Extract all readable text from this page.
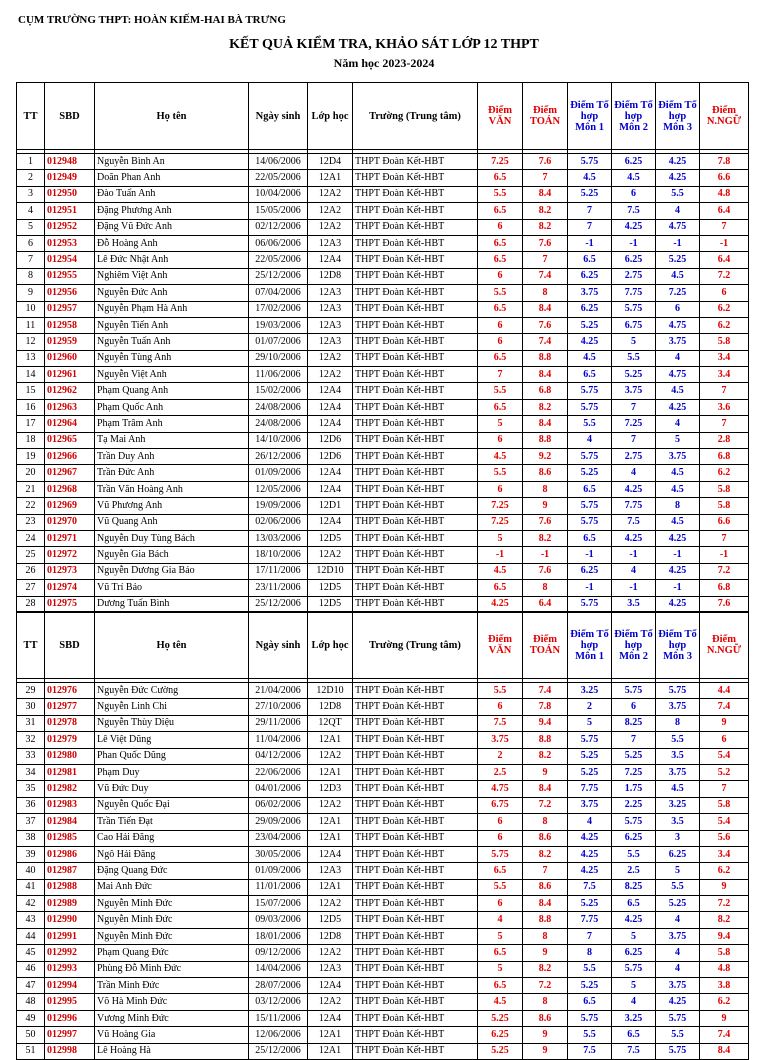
CỤM TRƯỜNG THPT: HOÀN KIẾM-HAI BÀ TRƯNG
KẾT QUẢ KIỂM TRA, KHẢO SÁT LỚP 12 THPT
Năm học 2023-2024
TT	SBD	Họ tên	Ngày sinh	Lớp học	Trường (Trung tâm)	Điểm VĂN	Điểm TOÁN	Điểm Tổ hợp Môn 1	Điểm Tổ hợp Môn 2	Điểm Tổ hợp Môn 3	Điểm N.NGỮ

1	012948	Nguyễn Bình An	14/06/2006	12D4	THPT Đoàn Kết-HBT	7.25	7.6	5.75	6.25	4.25	7.8
2	012949	Doãn Phan Anh	22/05/2006	12A1	THPT Đoàn Kết-HBT	6.5	7	4.5	4.5	4.25	6.6
3	012950	Đào Tuấn Anh	10/04/2006	12A2	THPT Đoàn Kết-HBT	5.5	8.4	5.25	6	5.5	4.8
4	012951	Đặng Phương Anh	15/05/2006	12A2	THPT Đoàn Kết-HBT	6.5	8.2	7	7.5	4	6.4
5	012952	Đặng Vũ Đức Anh	02/12/2006	12A2	THPT Đoàn Kết-HBT	6	8.2	7	4.25	4.75	7
6	012953	Đỗ Hoàng Anh	06/06/2006	12A3	THPT Đoàn Kết-HBT	6.5	7.6	-1	-1	-1	-1
7	012954	Lê Đức Nhật Anh	22/05/2006	12A4	THPT Đoàn Kết-HBT	6.5	7	6.5	6.25	5.25	6.4
8	012955	Nghiêm Việt Anh	25/12/2006	12D8	THPT Đoàn Kết-HBT	6	7.4	6.25	2.75	4.5	7.2
9	012956	Nguyễn Đức Anh	07/04/2006	12A3	THPT Đoàn Kết-HBT	5.5	8	3.75	7.75	7.25	6
10	012957	Nguyễn Phạm Hà Anh	17/02/2006	12A3	THPT Đoàn Kết-HBT	6.5	8.4	6.25	5.75	6	6.2
11	012958	Nguyễn Tiến Anh	19/03/2006	12A3	THPT Đoàn Kết-HBT	6	7.6	5.25	6.75	4.75	6.2
12	012959	Nguyễn Tuấn Anh	01/07/2006	12A3	THPT Đoàn Kết-HBT	6	7.4	4.25	5	3.75	5.8
13	012960	Nguyễn Tùng Anh	29/10/2006	12A2	THPT Đoàn Kết-HBT	6.5	8.8	4.5	5.5	4	3.4
14	012961	Nguyễn Việt Anh	11/06/2006	12A2	THPT Đoàn Kết-HBT	7	8.4	6.5	5.25	4.75	3.4
15	012962	Phạm Quang Anh	15/02/2006	12A4	THPT Đoàn Kết-HBT	5.5	6.8	5.75	3.75	4.5	7
16	012963	Phạm Quốc Anh	24/08/2006	12A4	THPT Đoàn Kết-HBT	6.5	8.2	5.75	7	4.25	3.6
17	012964	Phạm Trâm Anh	24/08/2006	12A4	THPT Đoàn Kết-HBT	5	8.4	5.5	7.25	4	7
18	012965	Tạ Mai Anh	14/10/2006	12D6	THPT Đoàn Kết-HBT	6	8.8	4	7	5	2.8
19	012966	Trần Duy Anh	26/12/2006	12D6	THPT Đoàn Kết-HBT	4.5	9.2	5.75	2.75	3.75	6.8
20	012967	Trần Đức Anh	01/09/2006	12A4	THPT Đoàn Kết-HBT	5.5	8.6	5.25	4	4.5	6.2
21	012968	Trần Văn Hoàng Anh	12/05/2006	12A4	THPT Đoàn Kết-HBT	6	8	6.5	4.25	4.5	5.8
22	012969	Vũ Phương Anh	19/09/2006	12D1	THPT Đoàn Kết-HBT	7.25	9	5.75	7.75	8	5.8
23	012970	Vũ Quang Anh	02/06/2006	12A4	THPT Đoàn Kết-HBT	7.25	7.6	5.75	7.5	4.5	6.6
24	012971	Nguyễn Duy Tùng Bách	13/03/2006	12D5	THPT Đoàn Kết-HBT	5	8.2	6.5	4.25	4.25	7
25	012972	Nguyễn Gia Bách	18/10/2006	12A2	THPT Đoàn Kết-HBT	-1	-1	-1	-1	-1	-1
26	012973	Nguyễn Dương Gia Bảo	17/11/2006	12D10	THPT Đoàn Kết-HBT	4.5	7.6	6.25	4	4.25	7.2
27	012974	Vũ Trí Bảo	23/11/2006	12D5	THPT Đoàn Kết-HBT	6.5	8	-1	-1	-1	6.8
28	012975	Dương Tuấn Bình	25/12/2006	12D5	THPT Đoàn Kết-HBT	4.25	6.4	5.75	3.5	4.25	7.6
TT	SBD	Họ tên	Ngày sinh	Lớp học	Trường (Trung tâm)	Điểm VĂN	Điểm TOÁN	Điểm Tổ hợp Môn 1	Điểm Tổ hợp Môn 2	Điểm Tổ hợp Môn 3	Điểm N.NGỮ

29	012976	Nguyễn Đức Cường	21/04/2006	12D10	THPT Đoàn Kết-HBT	5.5	7.4	3.25	5.75	5.75	4.4
30	012977	Nguyễn Linh Chi	27/10/2006	12D8	THPT Đoàn Kết-HBT	6	7.8	2	6	3.75	7.4
31	012978	Nguyễn Thùy Diệu	29/11/2006	12QT	THPT Đoàn Kết-HBT	7.5	9.4	5	8.25	8	9
32	012979	Lê Việt Dũng	11/04/2006	12A1	THPT Đoàn Kết-HBT	3.75	8.8	5.75	7	5.5	6
33	012980	Phan Quốc Dũng	04/12/2006	12A2	THPT Đoàn Kết-HBT	2	8.2	5.25	5.25	3.5	5.4
34	012981	Phạm Duy	22/06/2006	12A1	THPT Đoàn Kết-HBT	2.5	9	5.25	7.25	3.75	5.2
35	012982	Vũ Đức Duy	04/01/2006	12D3	THPT Đoàn Kết-HBT	4.75	8.4	7.75	1.75	4.5	7
36	012983	Nguyễn Quốc Đại	06/02/2006	12A2	THPT Đoàn Kết-HBT	6.75	7.2	3.75	2.25	3.25	5.8
37	012984	Trần Tiến Đạt	29/09/2006	12A1	THPT Đoàn Kết-HBT	6	8	4	5.75	3.5	5.4
38	012985	Cao Hải Đăng	23/04/2006	12A1	THPT Đoàn Kết-HBT	6	8.6	4.25	6.25	3	5.6
39	012986	Ngô Hải Đăng	30/05/2006	12A4	THPT Đoàn Kết-HBT	5.75	8.2	4.25	5.5	6.25	3.4
40	012987	Đặng Quang Đức	01/09/2006	12A3	THPT Đoàn Kết-HBT	6.5	7	4.25	2.5	5	6.2
41	012988	Mai Anh Đức	11/01/2006	12A1	THPT Đoàn Kết-HBT	5.5	8.6	7.5	8.25	5.5	9
42	012989	Nguyễn Minh Đức	15/07/2006	12A2	THPT Đoàn Kết-HBT	6	8.4	5.25	6.5	5.25	7.2
43	012990	Nguyễn Minh Đức	09/03/2006	12D5	THPT Đoàn Kết-HBT	4	8.8	7.75	4.25	4	8.2
44	012991	Nguyễn Minh Đức	18/01/2006	12D8	THPT Đoàn Kết-HBT	5	8	7	5	3.75	9.4
45	012992	Phạm Quang Đức	09/12/2006	12A2	THPT Đoàn Kết-HBT	6.5	9	8	6.25	4	5.8
46	012993	Phùng Đỗ Minh Đức	14/04/2006	12A3	THPT Đoàn Kết-HBT	5	8.2	5.5	5.75	4	4.8
47	012994	Trần Minh Đức	28/07/2006	12A4	THPT Đoàn Kết-HBT	6.5	7.2	5.25	5	3.75	3.8
48	012995	Võ Hà Minh Đức	03/12/2006	12A2	THPT Đoàn Kết-HBT	4.5	8	6.5	4	4.25	6.2
49	012996	Vương Minh Đức	15/11/2006	12A4	THPT Đoàn Kết-HBT	5.25	8.6	5.75	3.25	5.75	9
50	012997	Vũ Hoàng Gia	12/06/2006	12A1	THPT Đoàn Kết-HBT	6.25	9	5.5	6.5	5.5	7.4
51	012998	Lê Hoàng Hà	25/12/2006	12A1	THPT Đoàn Kết-HBT	5.25	9	7.5	7.5	5.75	8.4
